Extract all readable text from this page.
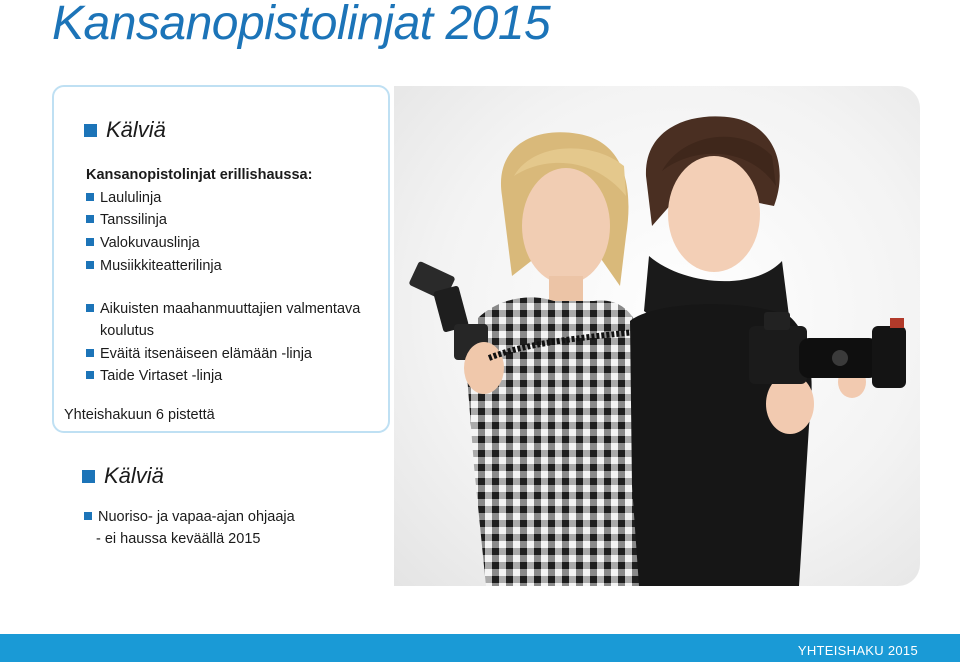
Kansanopistolinjat 2015
Kälviä
Kansanopistolinjat erillishaussa:
Laululinja
Tanssilinja
Valokuvauslinja
Musiikkiteatterilinja
Aikuisten maahanmuuttajien valmentava
koulutus
Eväitä itsenäiseen elämään -linja
Taide Virtaset -linja
Yhteishakuun 6 pistettä
Kälviä
Nuoriso- ja vapaa-ajan ohjaaja
- ei haussa keväällä 2015
YHTEISHAKU 2015
